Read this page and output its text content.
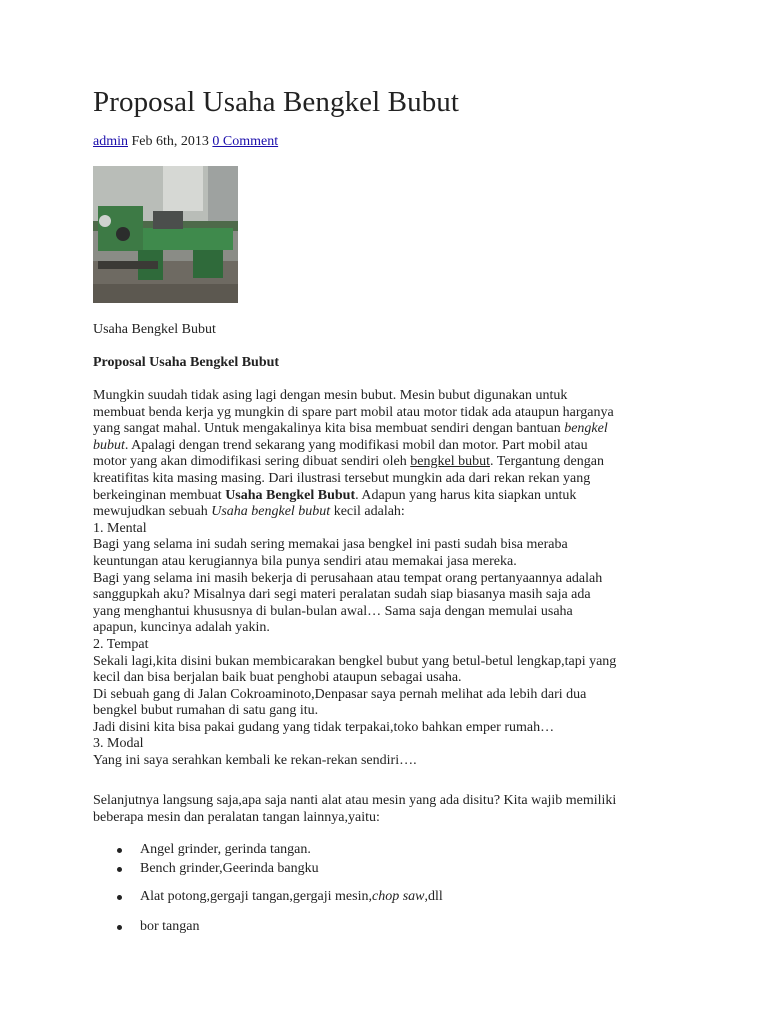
Proposal Usaha Bengkel Bubut
admin Feb 6th, 2013 0 Comment
Usaha Bengkel Bubut
Proposal Usaha Bengkel Bubut

Mungkin suudah tidak asing lagi dengan mesin bubut. Mesin bubut digunakan untuk
membuat benda kerja yg mungkin di spare part mobil atau motor tidak ada ataupun harganya
yang sangat mahal. Untuk mengakalinya kita bisa membuat sendiri dengan bantuan bengkel
bubut. Apalagi dengan trend sekarang yang modifikasi mobil dan motor. Part mobil atau
motor yang akan dimodifikasi sering dibuat sendiri oleh bengkel bubut. Tergantung dengan
kreatifitas kita masing masing. Dari ilustrasi tersebut mungkin ada dari rekan rekan yang
berkeinginan membuat Usaha Bengkel Bubut. Adapun yang harus kita siapkan untuk
mewujudkan sebuah Usaha bengkel bubut kecil adalah:
1. Mental
Bagi yang selama ini sudah sering memakai jasa bengkel ini pasti sudah bisa meraba
keuntungan atau kerugiannya bila punya sendiri atau memakai jasa mereka.
Bagi yang selama ini masih bekerja di perusahaan atau tempat orang pertanyaannya adalah
sanggupkah aku? Misalnya dari segi materi peralatan sudah siap biasanya masih saja ada
yang menghantui khususnya di bulan-bulan awal… Sama saja dengan memulai usaha
apapun, kuncinya adalah yakin.
2. Tempat
Sekali lagi,kita disini bukan membicarakan bengkel bubut yang betul-betul lengkap,tapi yang
kecil dan bisa berjalan baik buat penghobi ataupun sebagai usaha.
Di sebuah gang di Jalan Cokroaminoto,Denpasar saya pernah melihat ada lebih dari dua
bengkel bubut rumahan di satu gang itu.
Jadi disini kita bisa pakai gudang yang tidak terpakai,toko bahkan emper rumah…
3. Modal
Yang ini saya serahkan kembali ke rekan-rekan sendiri….

Selanjutnya langsung saja,apa saja nanti alat atau mesin yang ada disitu? Kita wajib memiliki
beberapa mesin dan peralatan tangan lainnya,yaitu:
Angel grinder, gerinda tangan.
Bench grinder,Geerinda bangku
Alat potong,gergaji tangan,gergaji mesin,chop saw,dll
bor tangan
